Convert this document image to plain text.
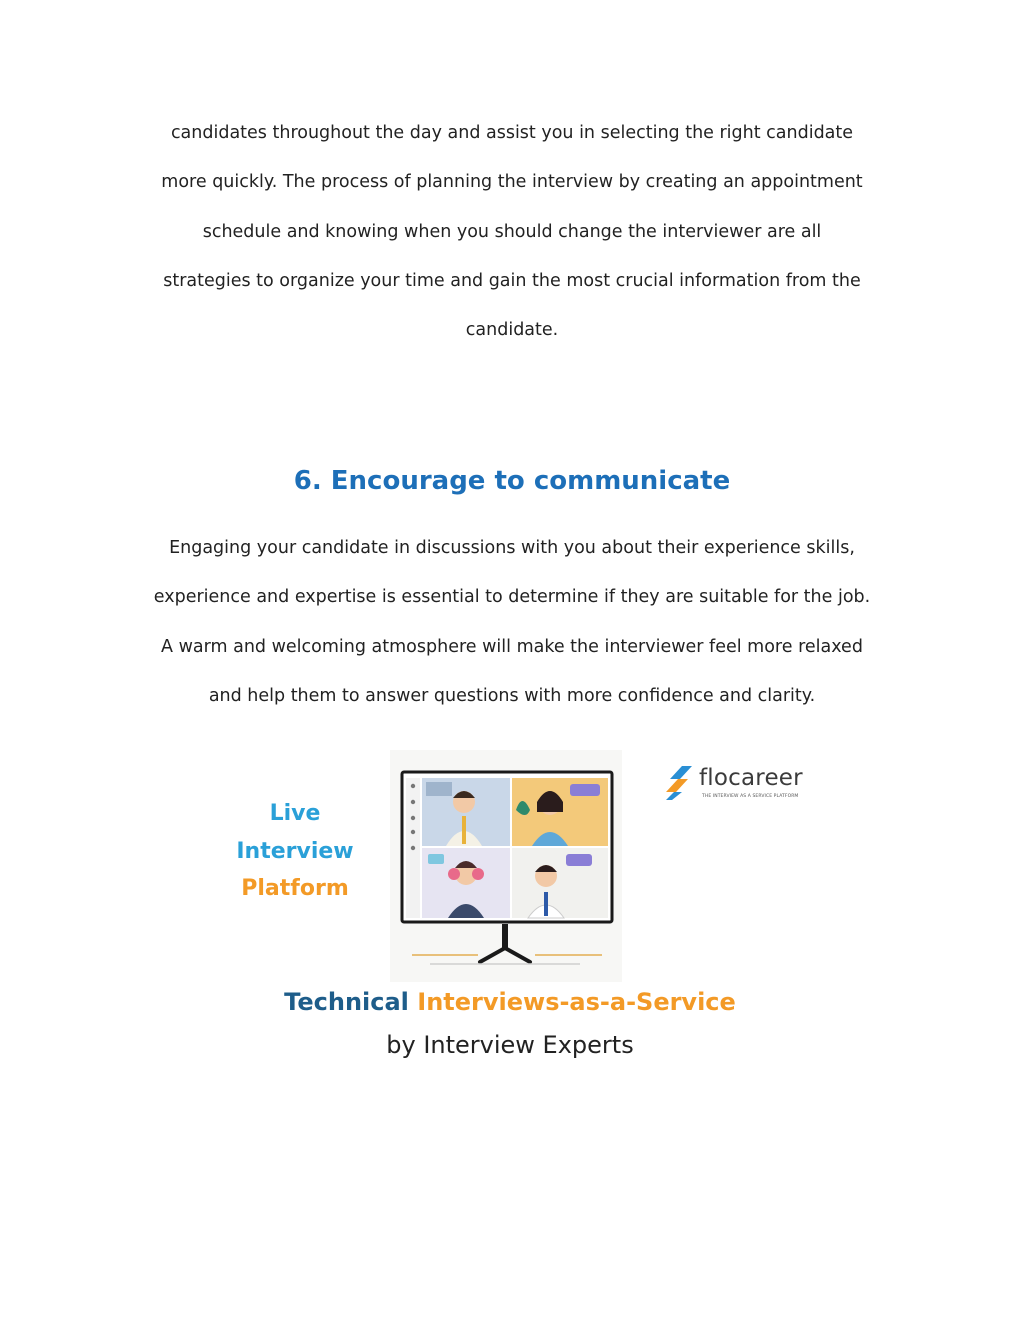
candidates throughout the day and assist you in selecting the right candidate
more quickly. The process of planning the interview by creating an appointment
schedule and knowing when you should change the interviewer are all
strategies to organize your time and gain the most crucial information from the
candidate.

6. Encourage to communicate

Engaging your candidate in discussions with you about their experience skills,
experience and expertise is essential to determine if they are suitable for the job.
A warm and welcoming atmosphere will make the interviewer feel more relaxed
and help them to answer questions with more confidence and clarity.

Live
Interview
Platform
flocareer
THE INTERVIEW AS A SERVICE PLATFORM
Technical Interviews-as-a-Service
by Interview Experts
